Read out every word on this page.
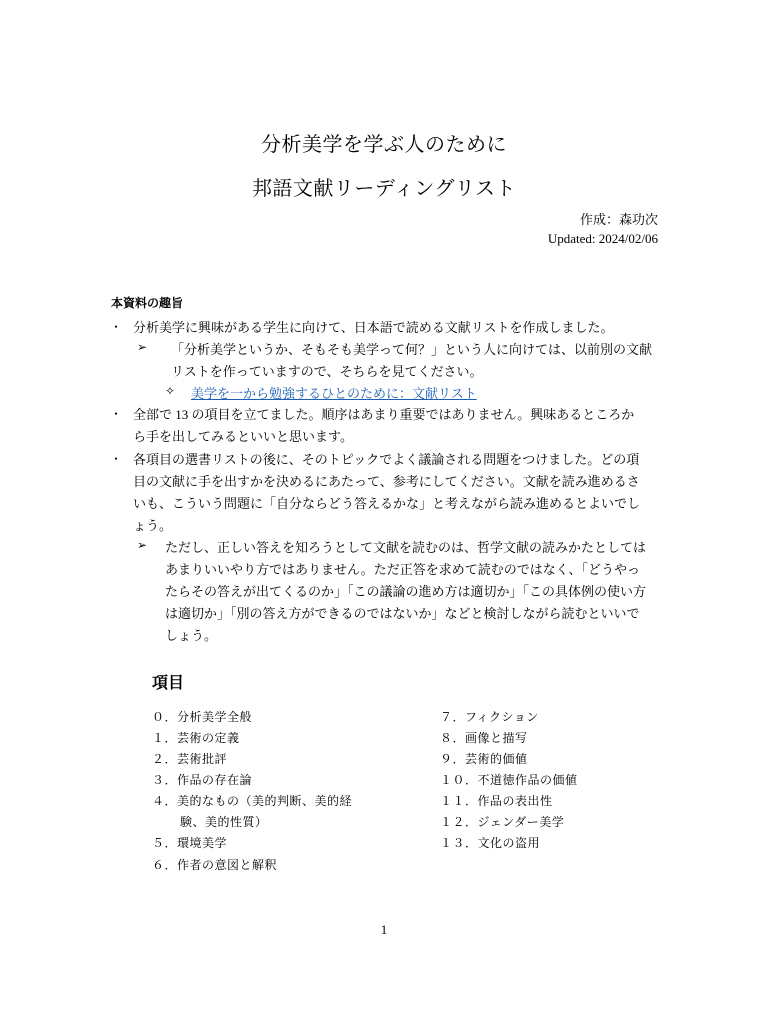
分析美学を学ぶ人のために
邦語文献リーディングリスト
作成：森功次
Updated: 2024/02/06
本資料の趣旨
・ 分析美学に興味がある学生に向けて、日本語で読める文献リストを作成しました。
➢ 「分析美学というか、そもそも美学って何？」という人に向けては、以前別の文献
リストを作っていますので、そちらを見てください。
✧ 美学を一から勉強するひとのために：文献リスト
・ 全部で 13 の項目を立てました。順序はあまり重要ではありません。興味あるところか
ら手を出してみるといいと思います。
・ 各項目の選書リストの後に、そのトピックでよく議論される問題をつけました。どの項
目の文献に手を出すかを決めるにあたって、参考にしてください。文献を読み進めるさ
いも、こういう問題に「自分ならどう答えるかな」と考えながら読み進めるとよいでし
ょう。
➢ ただし、正しい答えを知ろうとして文献を読むのは、哲学文献の読みかたとしては
あまりいいやり方ではありません。ただ正答を求めて読むのではなく、「どうやっ
たらその答えが出てくるのか」「この議論の進め方は適切か」「この具体例の使い方
は適切か」「別の答え方ができるのではないか」などと検討しながら読むといいで
しょう。
項目
０．分析美学全般
１．芸術の定義
２．芸術批評
３．作品の存在論
４．美的なもの（美的判断、美的経
験、美的性質）
５．環境美学
６．作者の意図と解釈
７．フィクション
８．画像と描写
９．芸術的価値
１０．不道徳作品の価値
１１．作品の表出性
１２．ジェンダー美学
１３．文化の盗用
1
